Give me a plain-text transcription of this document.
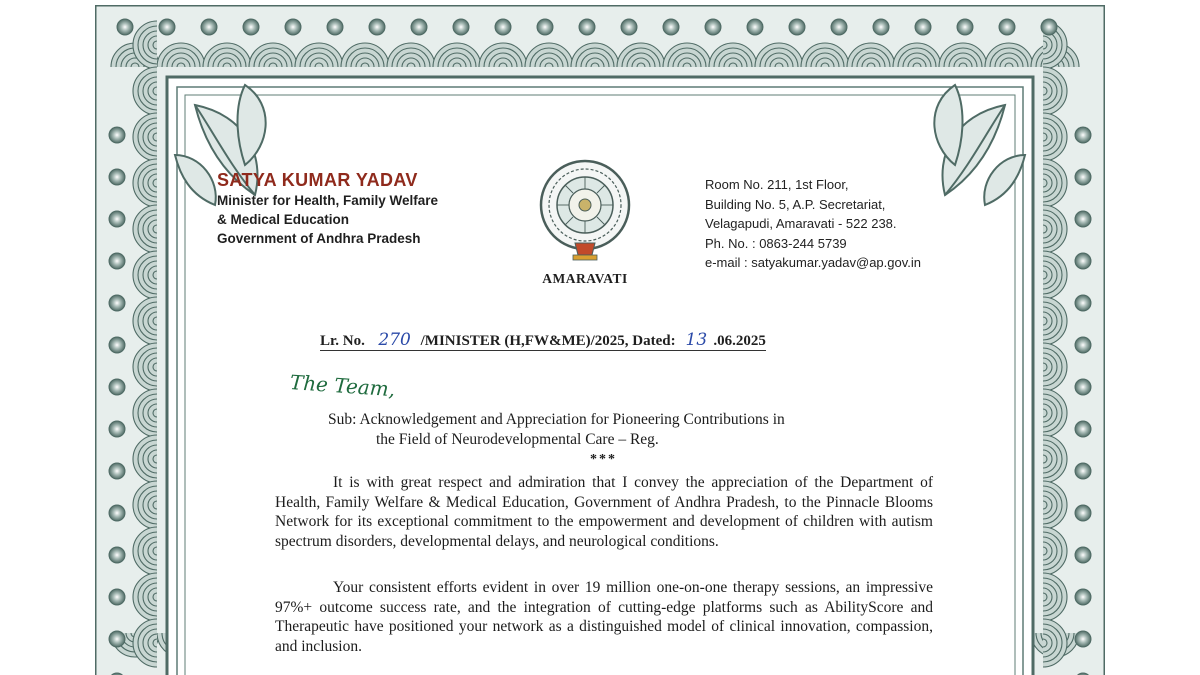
SATYA KUMAR YADAV
Minister for Health, Family Welfare
& Medical Education
Government of Andhra Pradesh
AMARAVATI
Room No. 211, 1st Floor,
Building No. 5, A.P. Secretariat,
Velagapudi, Amaravati - 522 238.
Ph. No. : 0863-244 5739
e-mail : satyakumar.yadav@ap.gov.in
Lr. No. 270 /MINISTER (H,FW&ME)/2025, Dated: 13 .06.2025
The Team,
Sub: Acknowledgement and Appreciation for Pioneering Contributions in
the Field of Neurodevelopmental Care – Reg.
***

It is with great respect and admiration that I convey the appreciation of the Department of Health, Family Welfare & Medical Education, Government of Andhra Pradesh, to the Pinnacle Blooms Network for its exceptional commitment to the empowerment and development of children with autism spectrum disorders, developmental delays, and neurological conditions.

Your consistent efforts evident in over 19 million one-on-one therapy sessions, an impressive 97%+ outcome success rate, and the integration of cutting-edge platforms such as AbilityScore and Therapeutic have positioned your network as a distinguished model of clinical innovation, compassion, and inclusion.
